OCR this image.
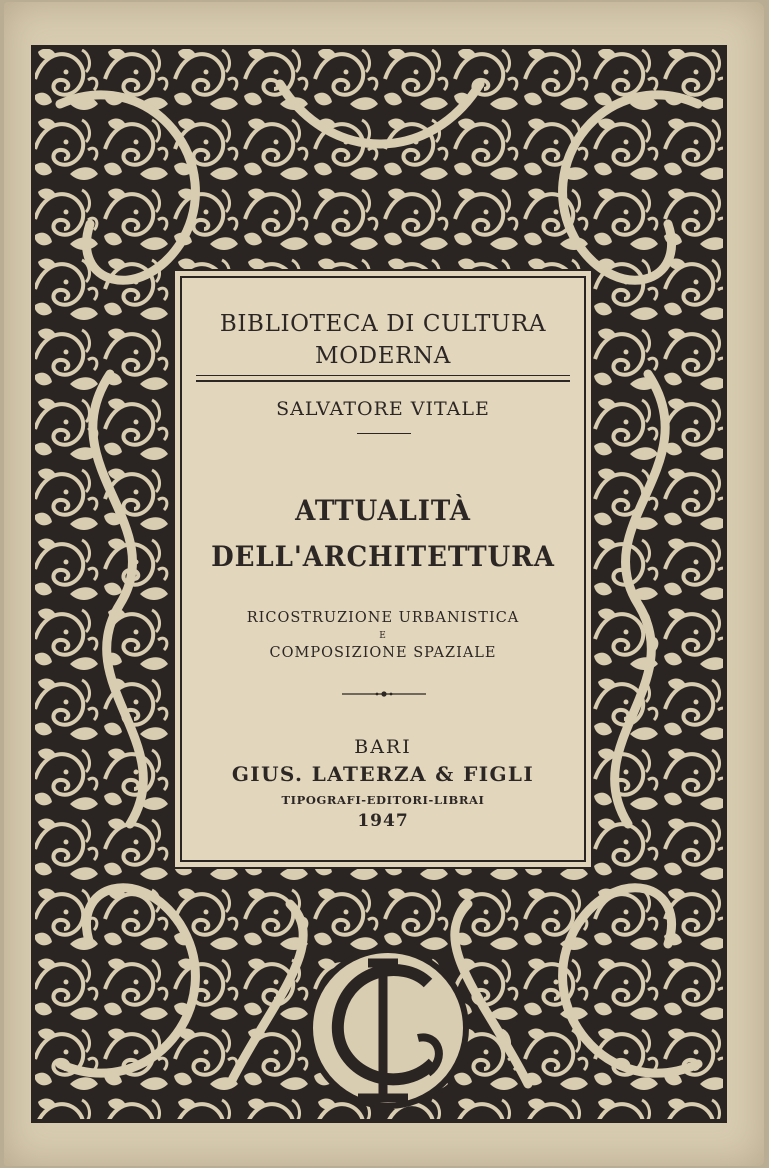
BIBLIOTECA DI CULTURA
MODERNA
SALVATORE VITALE
ATTUALITÀ
DELL'ARCHITETTURA
RICOSTRUZIONE URBANISTICA
E
COMPOSIZIONE SPAZIALE
BARI
GIUS. LATERZA & FIGLI
TIPOGRAFI-EDITORI-LIBRAI
1947
